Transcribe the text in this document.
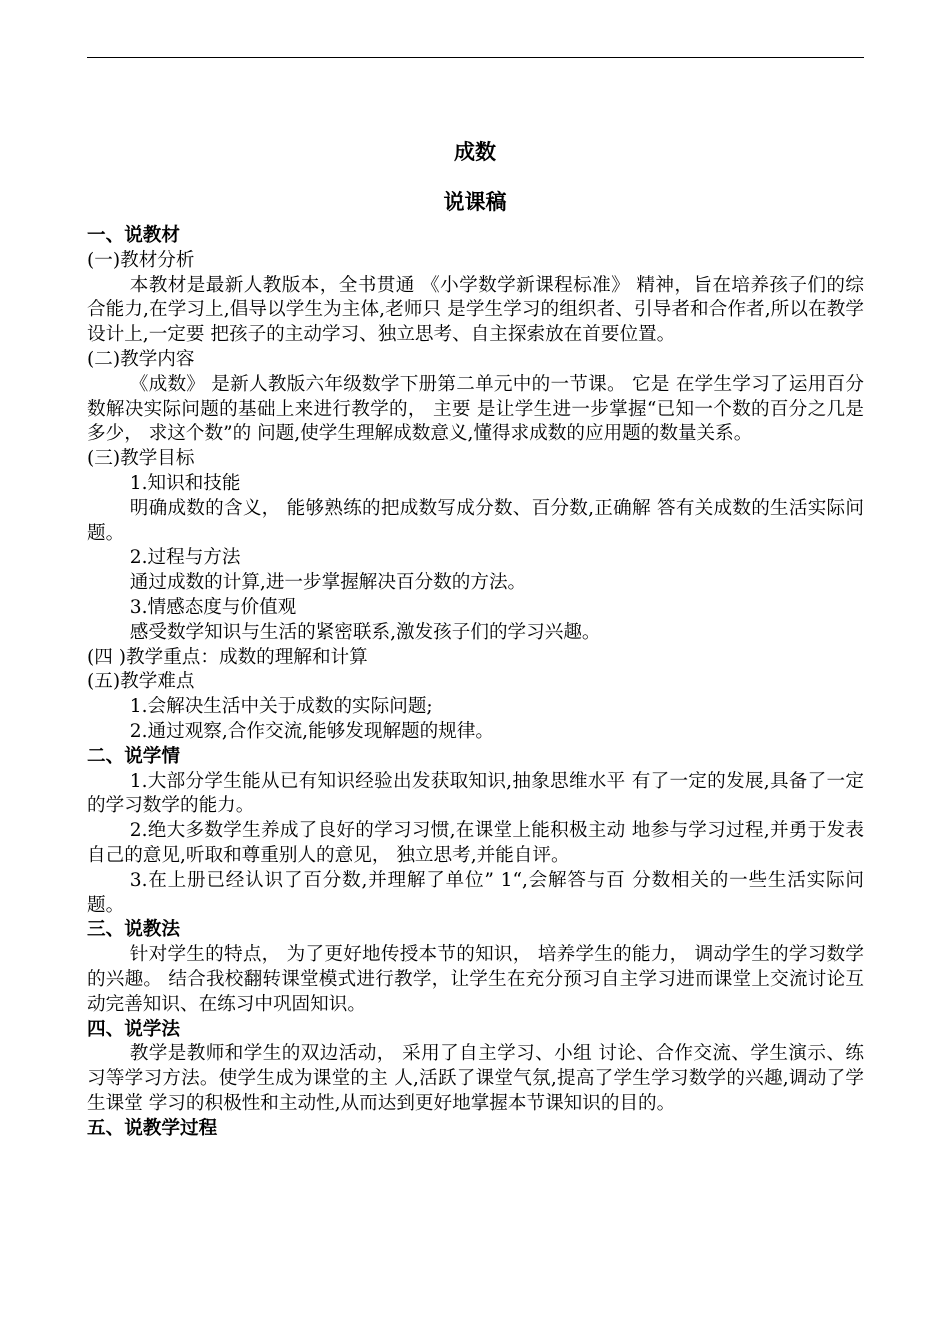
成数
说课稿

一、说教材

(一)教材分析

本教材是最新人教版本，全书贯通 《小学数学新课程标准》 精神，旨在培养孩子们的综合能力,在学习上,倡导以学生为主体,老师只 是学生学习的组织者、引导者和合作者,所以在教学设计上,一定要 把孩子的主动学习、独立思考、自主探索放在首要位置。

(二)教学内容

《成数》 是新人教版六年级数学下册第二单元中的一节课。 它是 在学生学习了运用百分数解决实际问题的基础上来进行教学的， 主要 是让学生进一步掌握“已知一个数的百分之几是多少， 求这个数”的 问题,使学生理解成数意义,懂得求成数的应用题的数量关系。

(三)教学目标

1.知识和技能

明确成数的含义， 能够熟练的把成数写成分数、百分数,正确解 答有关成数的生活实际问题。

2.过程与方法

通过成数的计算,进一步掌握解决百分数的方法。

3.情感态度与价值观

感受数学知识与生活的紧密联系,激发孩子们的学习兴趣。

(四 )教学重点：成数的理解和计算

(五)教学难点

1.会解决生活中关于成数的实际问题;

2.通过观察,合作交流,能够发现解题的规律。

二、说学情

1.大部分学生能从已有知识经验出发获取知识,抽象思维水平 有了一定的发展,具备了一定的学习数学的能力。

2.绝大多数学生养成了良好的学习习惯,在课堂上能积极主动 地参与学习过程,并勇于发表自己的意见,听取和尊重别人的意见， 独立思考,并能自评。

3.在上册已经认识了百分数,并理解了单位” 1“,会解答与百 分数相关的一些生活实际问题。

三、说教法

针对学生的特点， 为了更好地传授本节的知识， 培养学生的能力， 调动学生的学习数学的兴趣。 结合我校翻转课堂模式进行教学，让学生在充分预习自主学习进而课堂上交流讨论互动完善知识、在练习中巩固知识。

四、说学法

教学是教师和学生的双边活动， 采用了自主学习、小组 讨论、合作交流、学生演示、练习等学习方法。使学生成为课堂的主 人,活跃了课堂气氛,提高了学生学习数学的兴趣,调动了学生课堂 学习的积极性和主动性,从而达到更好地掌握本节课知识的目的。

五、说教学过程
